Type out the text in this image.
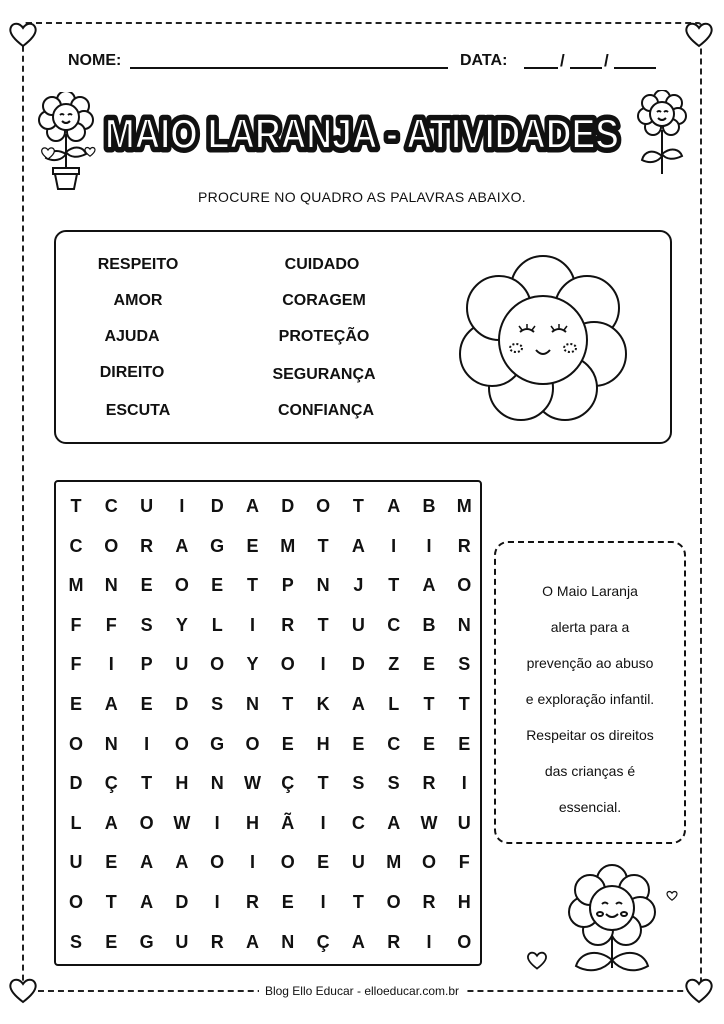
NOME:	DATA:	/ /
MAIO LARANJA - ATIVIDADES
MAIO LARANJA - ATIVIDADES
PROCURE NO QUADRO AS PALAVRAS ABAIXO.
RESPEITO
AMOR
AJUDA
DIREITO
ESCUTA
CUIDADO
CORAGEM
PROTEÇÃO
SEGURANÇA
CONFIANÇA
T	C	U	I	D	A	D	O	T	A	B	M
C	O	R	A	G	E	M	T	A	I	I	R
M	N	E	O	E	T	P	N	J	T	A	O
F	F	S	Y	L	I	R	T	U	C	B	N
F	I	P	U	O	Y	O	I	D	Z	E	S
E	A	E	D	S	N	T	K	A	L	T	T
O	N	I	O	G	O	E	H	E	C	E	E
D	Ç	T	H	N	W	Ç	T	S	S	R	I
L	A	O	W	I	H	Ã	I	C	A	W	U
U	E	A	A	O	I	O	E	U	M	O	F
O	T	A	D	I	R	E	I	T	O	R	H
S	E	G	U	R	A	N	Ç	A	R	I	O
O Maio Laranja
alerta para a
prevenção ao abuso
e exploração infantil.
Respeitar os direitos
das crianças é
essencial.
Blog Ello Educar - elloeducar.com.br
